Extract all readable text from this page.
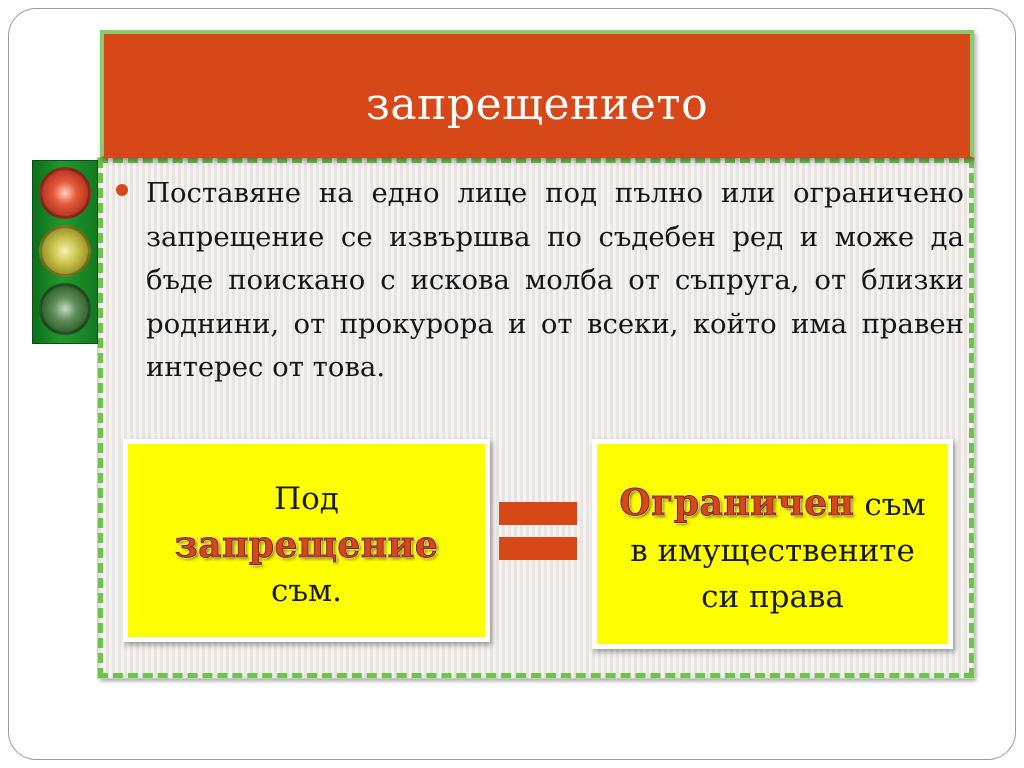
запрещението

Поставяне на едно лице под пълно или ограничено запрещение се извършва по съдебен ред и може да бъде поискано с искова молба от съпруга, от близки роднини, от прокурора и от всеки, който има правен интерес от това.

Под
запрещение
съм.
Ограничен съм
в имуществените
си права
